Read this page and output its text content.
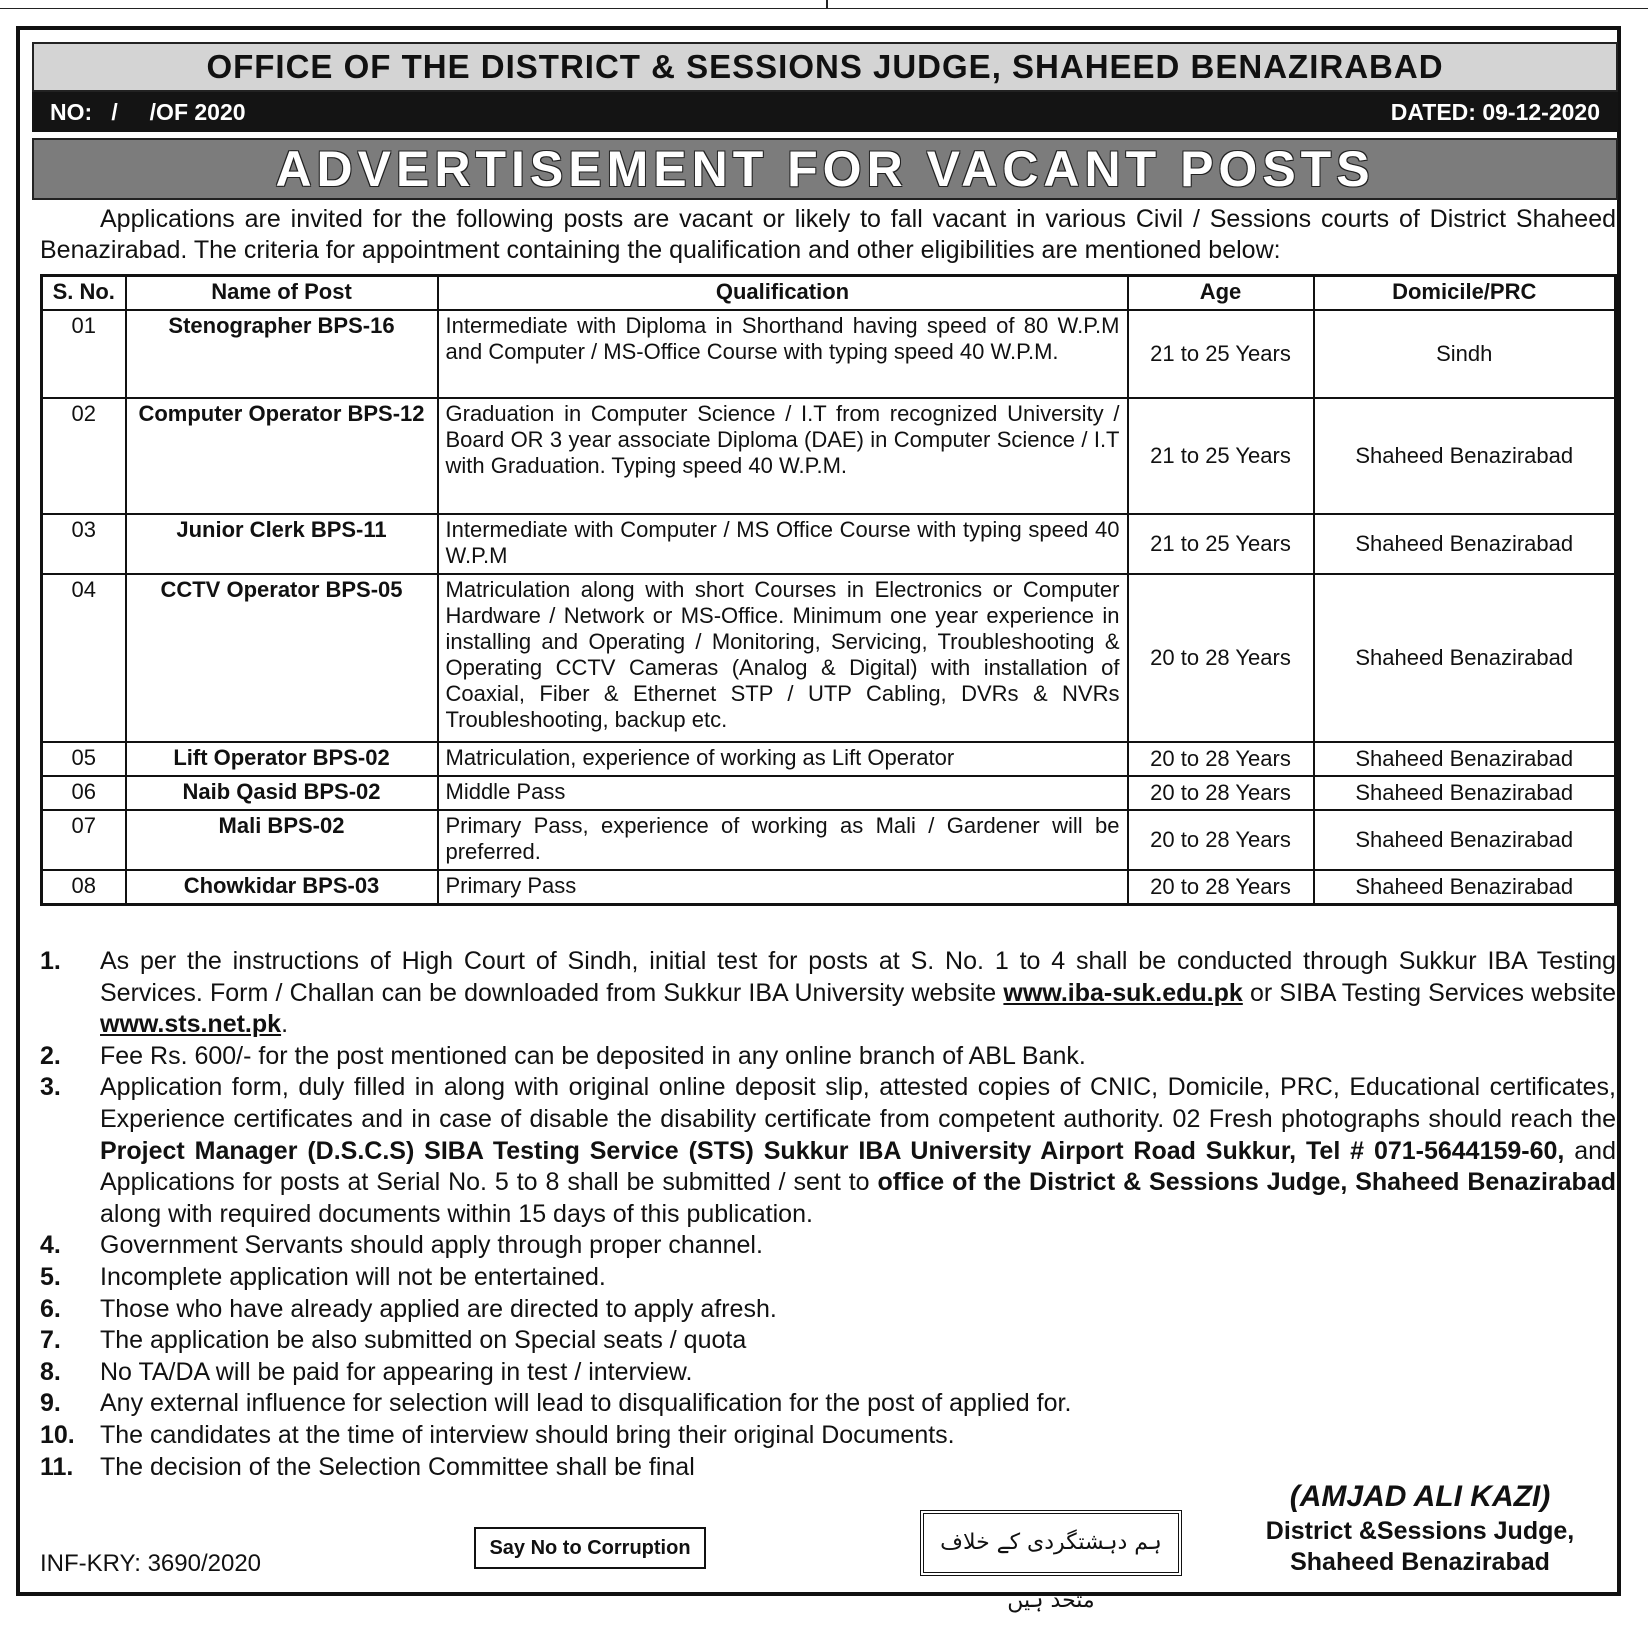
OFFICE OF THE DISTRICT & SESSIONS JUDGE, SHAHEED BENAZIRABAD
NO:   /     /OF 2020	DATED: 09-12-2020
ADVERTISEMENT FOR VACANT POSTS
Applications are invited for the following posts are vacant or likely to fall vacant in various Civil / Sessions courts of District Shaheed Benazirabad. The criteria for appointment containing the qualification and other eligibilities are mentioned below:
S. No.	Name of Post	Qualification	Age	Domicile/PRC
01	Stenographer BPS-16	Intermediate with Diploma in Shorthand having speed of 80 W.P.M and Computer / MS-Office Course with typing speed 40 W.P.M.	21 to 25 Years	Sindh
02	Computer Operator BPS-12	Graduation in Computer Science / I.T from recognized University / Board OR 3 year associate Diploma (DAE) in Computer Science / I.T with Graduation. Typing speed 40 W.P.M.	21 to 25 Years	Shaheed Benazirabad
03	Junior Clerk BPS-11	Intermediate with Computer / MS Office Course with typing speed 40 W.P.M	21 to 25 Years	Shaheed Benazirabad
04	CCTV Operator BPS-05	Matriculation along with short Courses in Electronics or Computer Hardware / Network or MS-Office. Minimum one year experience in installing and Operating / Monitoring, Servicing, Troubleshooting & Operating CCTV Cameras (Analog & Digital) with installation of Coaxial, Fiber & Ethernet STP / UTP Cabling, DVRs & NVRs Troubleshooting, backup etc.	20 to 28 Years	Shaheed Benazirabad
05	Lift Operator BPS-02	Matriculation, experience of working as Lift Operator	20 to 28 Years	Shaheed Benazirabad
06	Naib Qasid BPS-02	Middle Pass	20 to 28 Years	Shaheed Benazirabad
07	Mali BPS-02	Primary Pass, experience of working as Mali / Gardener will be preferred.	20 to 28 Years	Shaheed Benazirabad
08	Chowkidar BPS-03	Primary Pass	20 to 28 Years	Shaheed Benazirabad
1.	As per the instructions of High Court of Sindh, initial test for posts at S. No. 1 to 4 shall be conducted through Sukkur IBA Testing Services. Form / Challan can be downloaded from Sukkur IBA University website www.iba-suk.edu.pk or SIBA Testing Services website www.sts.net.pk.
2.	Fee Rs. 600/- for the post mentioned can be deposited in any online branch of ABL Bank.
3.	Application form, duly filled in along with original online deposit slip, attested copies of CNIC, Domicile, PRC, Educational certificates, Experience certificates and in case of disable the disability certificate from competent authority. 02 Fresh photographs should reach the Project Manager (D.S.C.S) SIBA Testing Service (STS) Sukkur IBA University Airport Road Sukkur, Tel # 071-5644159-60, and Applications for posts at Serial No. 5 to 8 shall be submitted / sent to office of the District & Sessions Judge, Shaheed Benazirabad along with required documents within 15 days of this publication.
4.	Government Servants should apply through proper channel.
5.	Incomplete application will not be entertained.
6.	Those who have already applied are directed to apply afresh.
7.	The application be also submitted on Special seats / quota
8.	No TA/DA will be paid for appearing in test / interview.
9.	Any external influence for selection will lead to disqualification for the post of applied for.
10.	The candidates at the time of interview should bring their original Documents.
11.	The decision of the Selection Committee shall be final
(AMJAD ALI KAZI)
District &Sessions Judge,
Shaheed Benazirabad
Say No to Corruption	ہم دہشتگردی کے خلاف متحد ہیں
INF-KRY: 3690/2020
